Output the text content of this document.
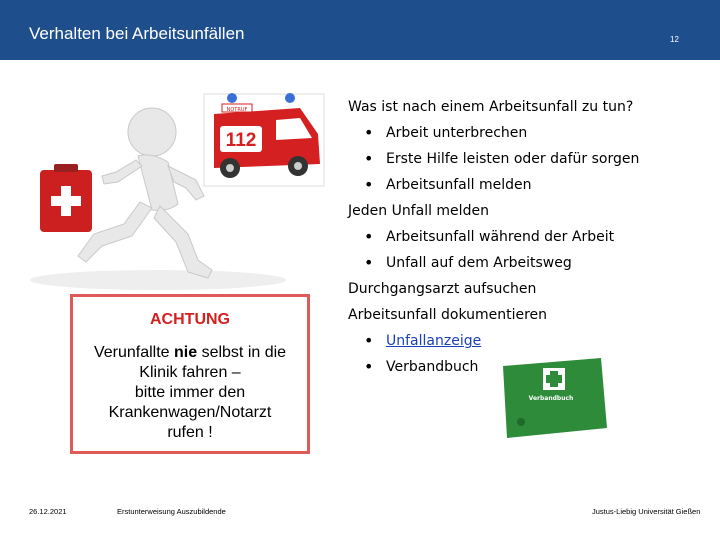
Verhalten bei Arbeitsunfällen	12
NOTRUF
112
ACHTUNG
Verunfallte nie selbst in die
Klinik fahren –
bitte immer den
Krankenwagen/Notarzt
rufen !
Was ist nach einem Arbeitsunfall zu tun?
• Arbeit unterbrechen
• Erste Hilfe leisten oder dafür sorgen
• Arbeitsunfall melden
Jeden Unfall melden
• Arbeitsunfall während der Arbeit
• Unfall auf dem Arbeitsweg
Durchgangsarzt aufsuchen
Arbeitsunfall dokumentieren
• Unfallanzeige
• Verbandbuch
Verbandbuch
26.12.2021	Erstunterweisung Auszubildende	Justus-Liebig Universität Gießen
